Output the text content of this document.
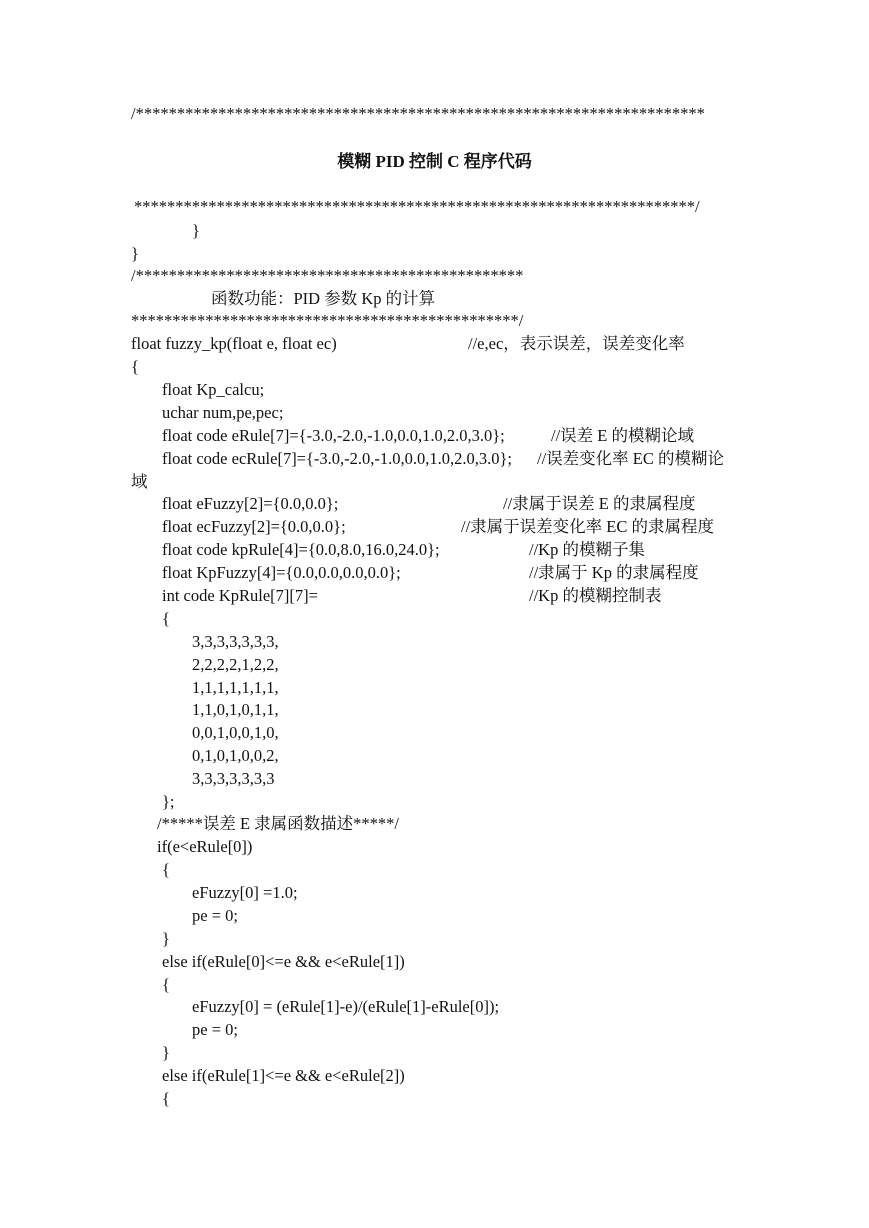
/*********************************************************************
模糊 PID 控制 C 程序代码
********************************************************************/
}
}
/***********************************************
函数功能：PID 参数 Kp 的计算
***********************************************/
float fuzzy_kp(float e, float ec)	//e,ec，表示误差，误差变化率
{
float Kp_calcu;
uchar num,pe,pec;
float code eRule[7]={-3.0,-2.0,-1.0,0.0,1.0,2.0,3.0};	//误差 E 的模糊论域
float code ecRule[7]={-3.0,-2.0,-1.0,0.0,1.0,2.0,3.0}; //误差变化率 EC 的模糊论
域
float eFuzzy[2]={0.0,0.0};	//隶属于误差 E 的隶属程度
float ecFuzzy[2]={0.0,0.0};	//隶属于误差变化率 EC 的隶属程度
float code kpRule[4]={0.0,8.0,16.0,24.0};	//Kp 的模糊子集
float KpFuzzy[4]={0.0,0.0,0.0,0.0};	//隶属于 Kp 的隶属程度
int code KpRule[7][7]=	//Kp 的模糊控制表
{
3,3,3,3,3,3,3,
2,2,2,2,1,2,2,
1,1,1,1,1,1,1,
1,1,0,1,0,1,1,
0,0,1,0,0,1,0,
0,1,0,1,0,0,2,
3,3,3,3,3,3,3
};
/*****误差 E 隶属函数描述*****/
if(e<eRule[0])
{
eFuzzy[0] =1.0;
pe = 0;
}
else if(eRule[0]<=e && e<eRule[1])
{
eFuzzy[0] = (eRule[1]-e)/(eRule[1]-eRule[0]);
pe = 0;
}
else if(eRule[1]<=e && e<eRule[2])
{
